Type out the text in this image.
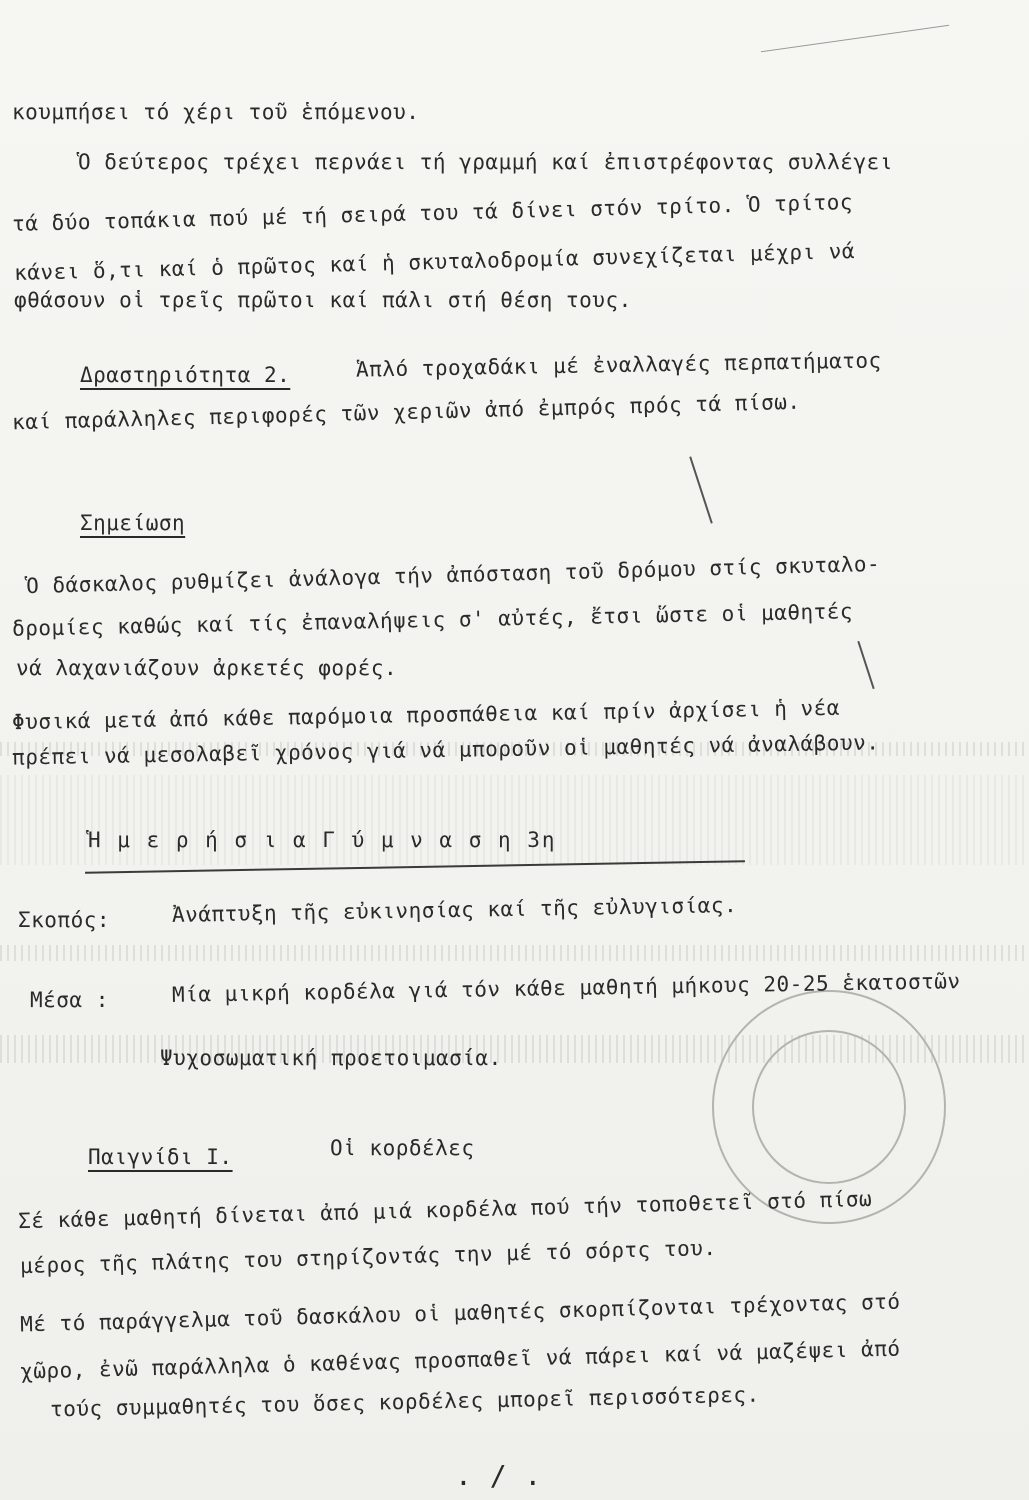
κουμπήσει τό χέρι τοῦ ἑπόμενου.
Ὁ δεύτερος τρέχει περνάει τή γραμμή καί ἐπιστρέφοντας συλλέγει
τά δύο τοπάκια πού μέ τή σειρά του τά δίνει στόν τρίτο. Ὁ τρίτος
κάνει ὅ,τι καί ὁ πρῶτος καί ἡ σκυταλοδρομία συνεχίζεται μέχρι νά
φθάσουν οἱ τρεῖς πρῶτοι καί πάλι στή θέση τους.
Δραστηριότητα 2.	Ἁπλό τροχαδάκι μέ ἐναλλαγές περπατήματος
καί παράλληλες περιφορές τῶν χεριῶν ἀπό ἐμπρός πρός τά πίσω.
Σημείωση
Ὁ δάσκαλος ρυθμίζει ἀνάλογα τήν ἀπόσταση τοῦ δρόμου στίς σκυταλο-
δρομίες καθώς καί τίς ἐπαναλήψεις σ' αὐτές, ἔτσι ὥστε οἱ μαθητές
νά λαχανιάζουν ἀρκετές φορές.
Φυσικά μετά ἀπό κάθε παρόμοια προσπάθεια καί πρίν ἀρχίσει ἡ νέα
πρέπει νά μεσολαβεῖ χρόνος γιά νά μποροῦν οἱ μαθητές νά ἀναλάβουν.
Ἡ μ ε ρ ή σ ι α Γ ύ μ ν α σ η 3η
Σκοπός:	Ἀνάπτυξη τῆς εὐκινησίας καί τῆς εὐλυγισίας.
Μέσα :	Μία μικρή κορδέλα γιά τόν κάθε μαθητή μήκους 20-25 ἑκατοστῶν
Ψυχοσωματική προετοιμασία.
Παιγνίδι Ι.	Οἱ κορδέλες
Σέ κάθε μαθητή δίνεται ἀπό μιά κορδέλα πού τήν τοποθετεῖ στό πίσω
μέρος τῆς πλάτης του στηρίζοντάς την μέ τό σόρτς του.
Μέ τό παράγγελμα τοῦ δασκάλου οἱ μαθητές σκορπίζονται τρέχοντας στό
χῶρο, ἐνῶ παράλληλα ὁ καθένας προσπαθεῖ νά πάρει καί νά μαζέψει ἀπό
τούς συμμαθητές του ὅσες κορδέλες μπορεῖ περισσότερες.
. / .
